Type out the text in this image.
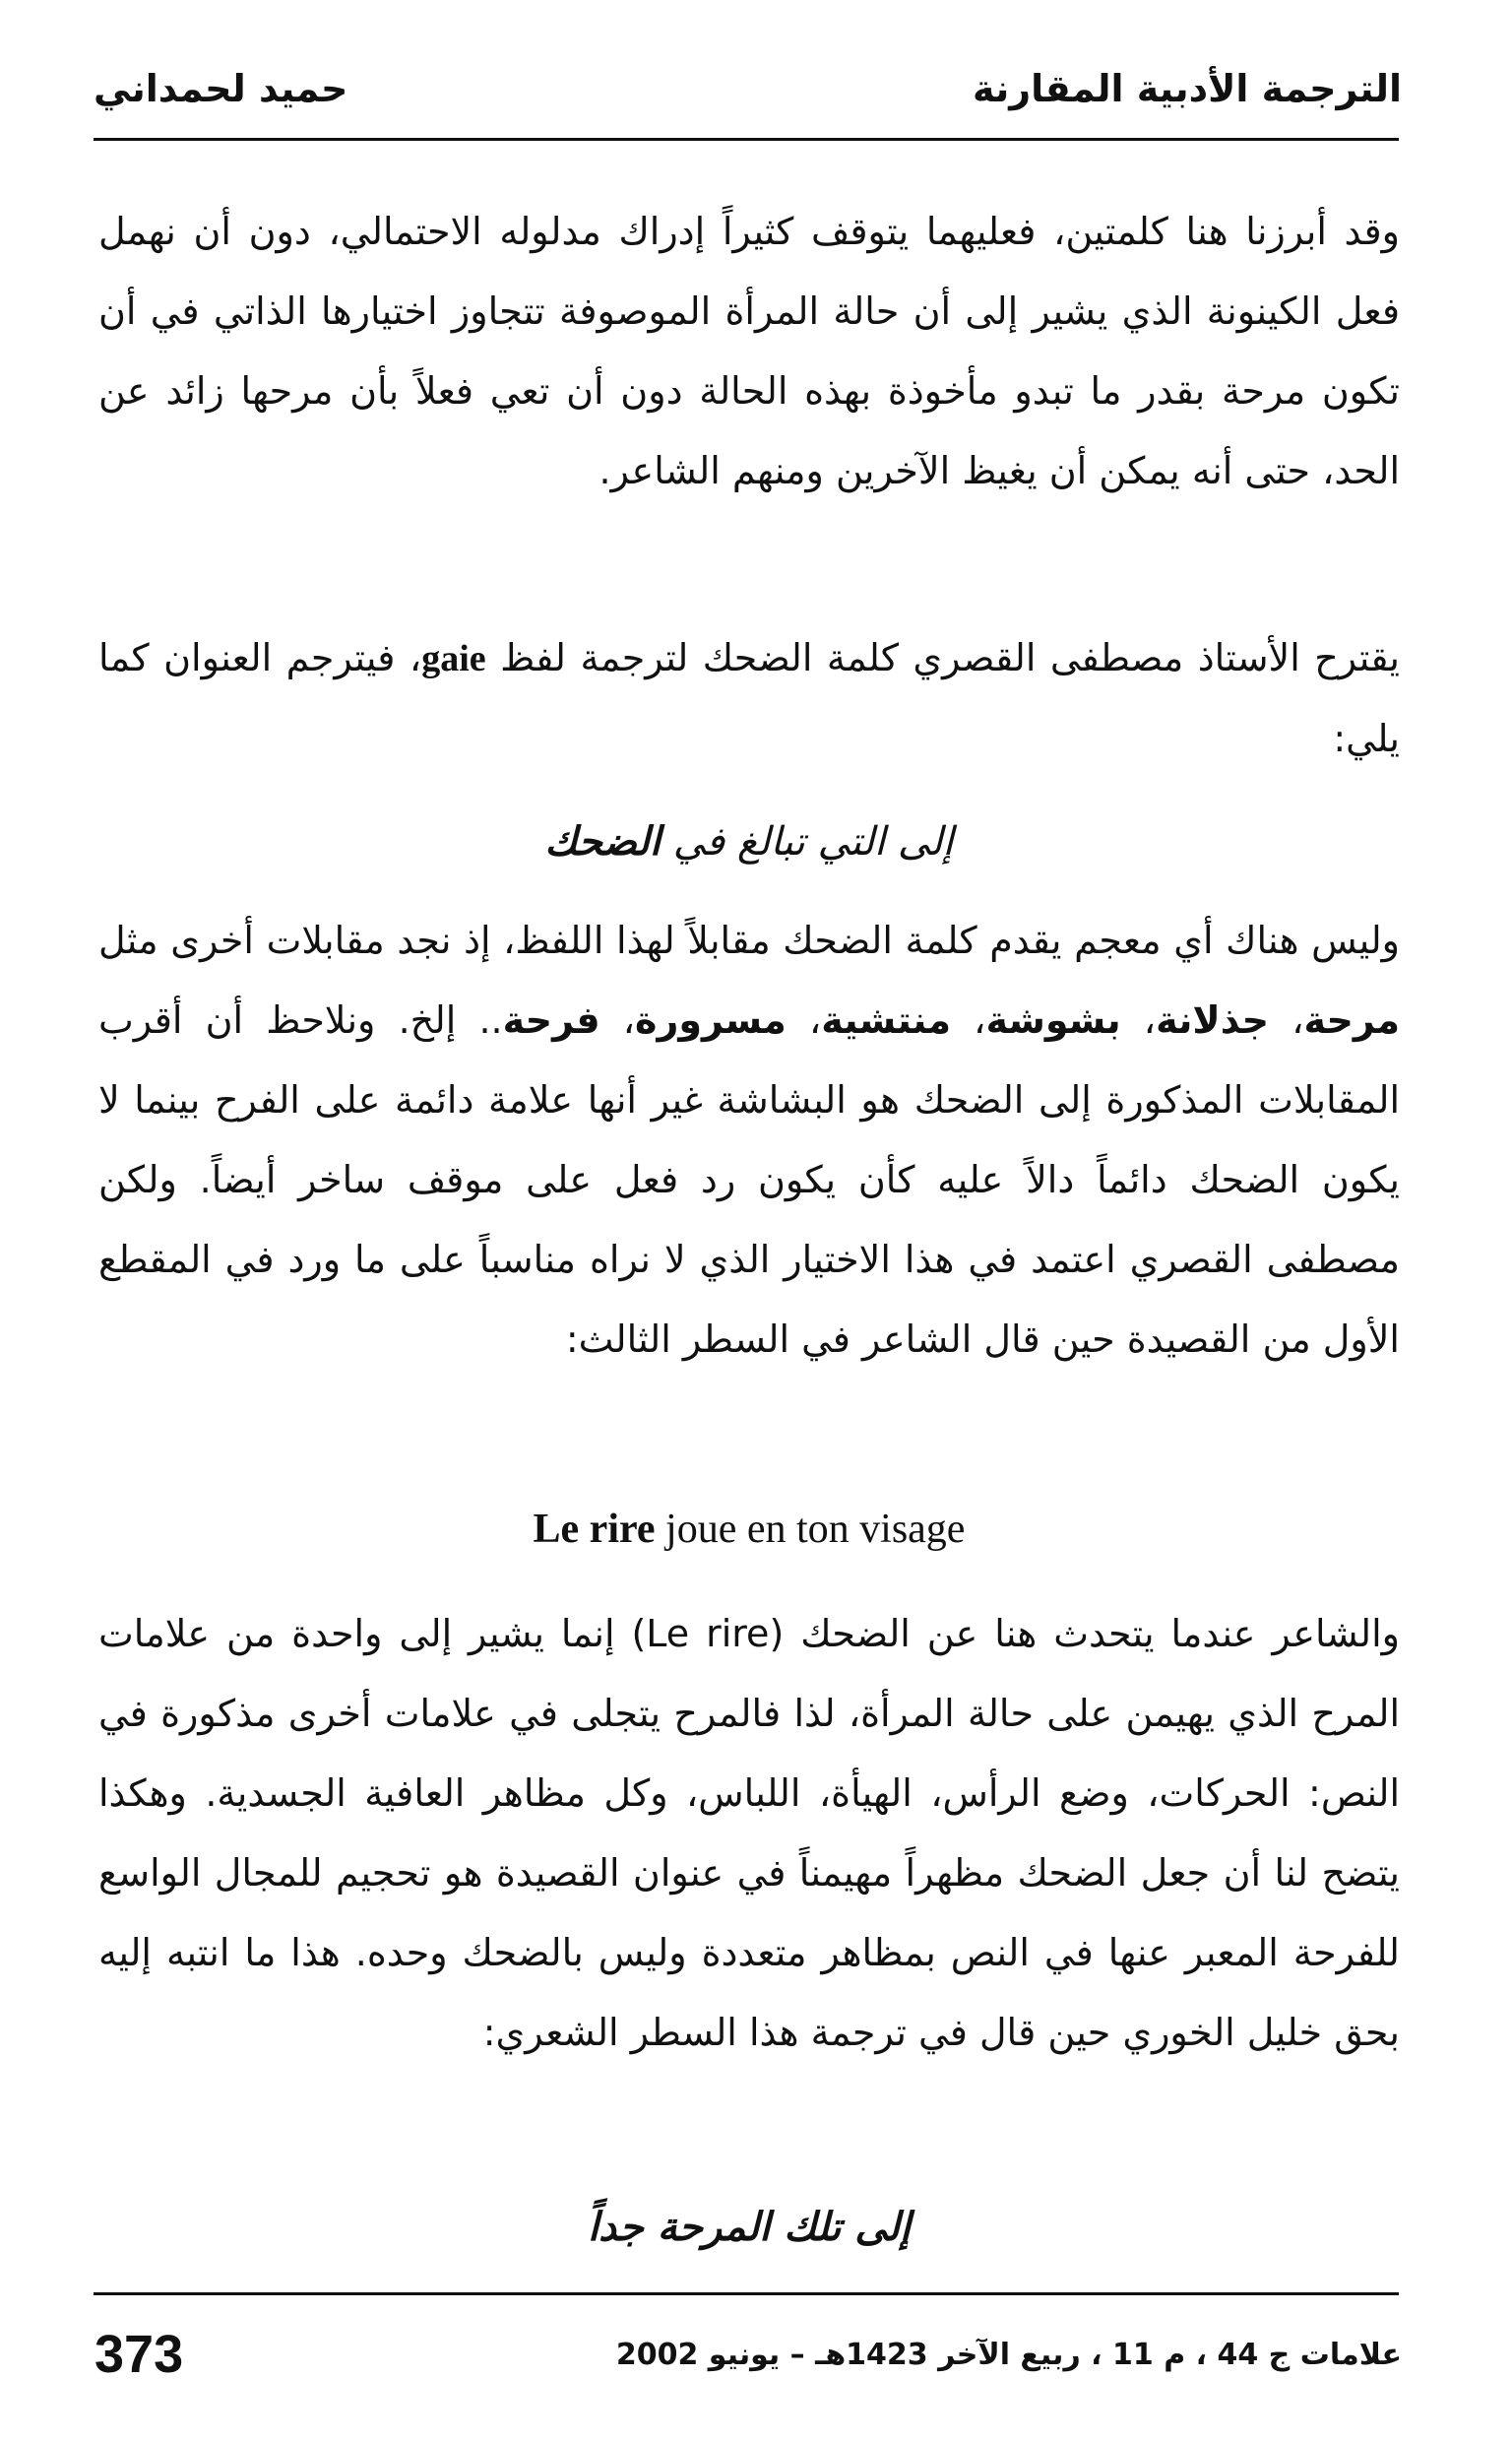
الترجمة الأدبية المقارنة
حميد لحمداني

وقد أبرزنا هنا كلمتين، فعليهما يتوقف كثيراً إدراك مدلوله الاحتمالي، دون أن نهمل فعل الكينونة الذي يشير إلى أن حالة المرأة الموصوفة تتجاوز اختيارها الذاتي في أن تكون مرحة بقدر ما تبدو مأخوذة بهذه الحالة دون أن تعي فعلاً بأن مرحها زائد عن الحد، حتى أنه يمكن أن يغيظ الآخرين ومنهم الشاعر.

يقترح الأستاذ مصطفى القصري كلمة الضحك لترجمة لفظ gaie، فيترجم العنوان كما يلي:

إلى التي تبالغ في الضحك

وليس هناك أي معجم يقدم كلمة الضحك مقابلاً لهذا اللفظ، إذ نجد مقابلات أخرى مثل مرحة، جذلانة، بشوشة، منتشية، مسرورة، فرحة.. إلخ. ونلاحظ أن أقرب المقابلات المذكورة إلى الضحك هو البشاشة غير أنها علامة دائمة على الفرح بينما لا يكون الضحك دائماً دالاً عليه كأن يكون رد فعل على موقف ساخر أيضاً. ولكن مصطفى القصري اعتمد في هذا الاختيار الذي لا نراه مناسباً على ما ورد في المقطع الأول من القصيدة حين قال الشاعر في السطر الثالث:

Le rire joue en ton visage

والشاعر عندما يتحدث هنا عن الضحك (Le rire) إنما يشير إلى واحدة من علامات المرح الذي يهيمن على حالة المرأة، لذا فالمرح يتجلى في علامات أخرى مذكورة في النص: الحركات، وضع الرأس، الهيأة، اللباس، وكل مظاهر العافية الجسدية. وهكذا يتضح لنا أن جعل الضحك مظهراً مهيمناً في عنوان القصيدة هو تحجيم للمجال الواسع للفرحة المعبر عنها في النص بمظاهر متعددة وليس بالضحك وحده. هذا ما انتبه إليه بحق خليل الخوري حين قال في ترجمة هذا السطر الشعري:

إلى تلك المرحة جداً

373	علامات ج 44 ، م 11 ، ربيع الآخر 1423هـ – يونيو 2002
